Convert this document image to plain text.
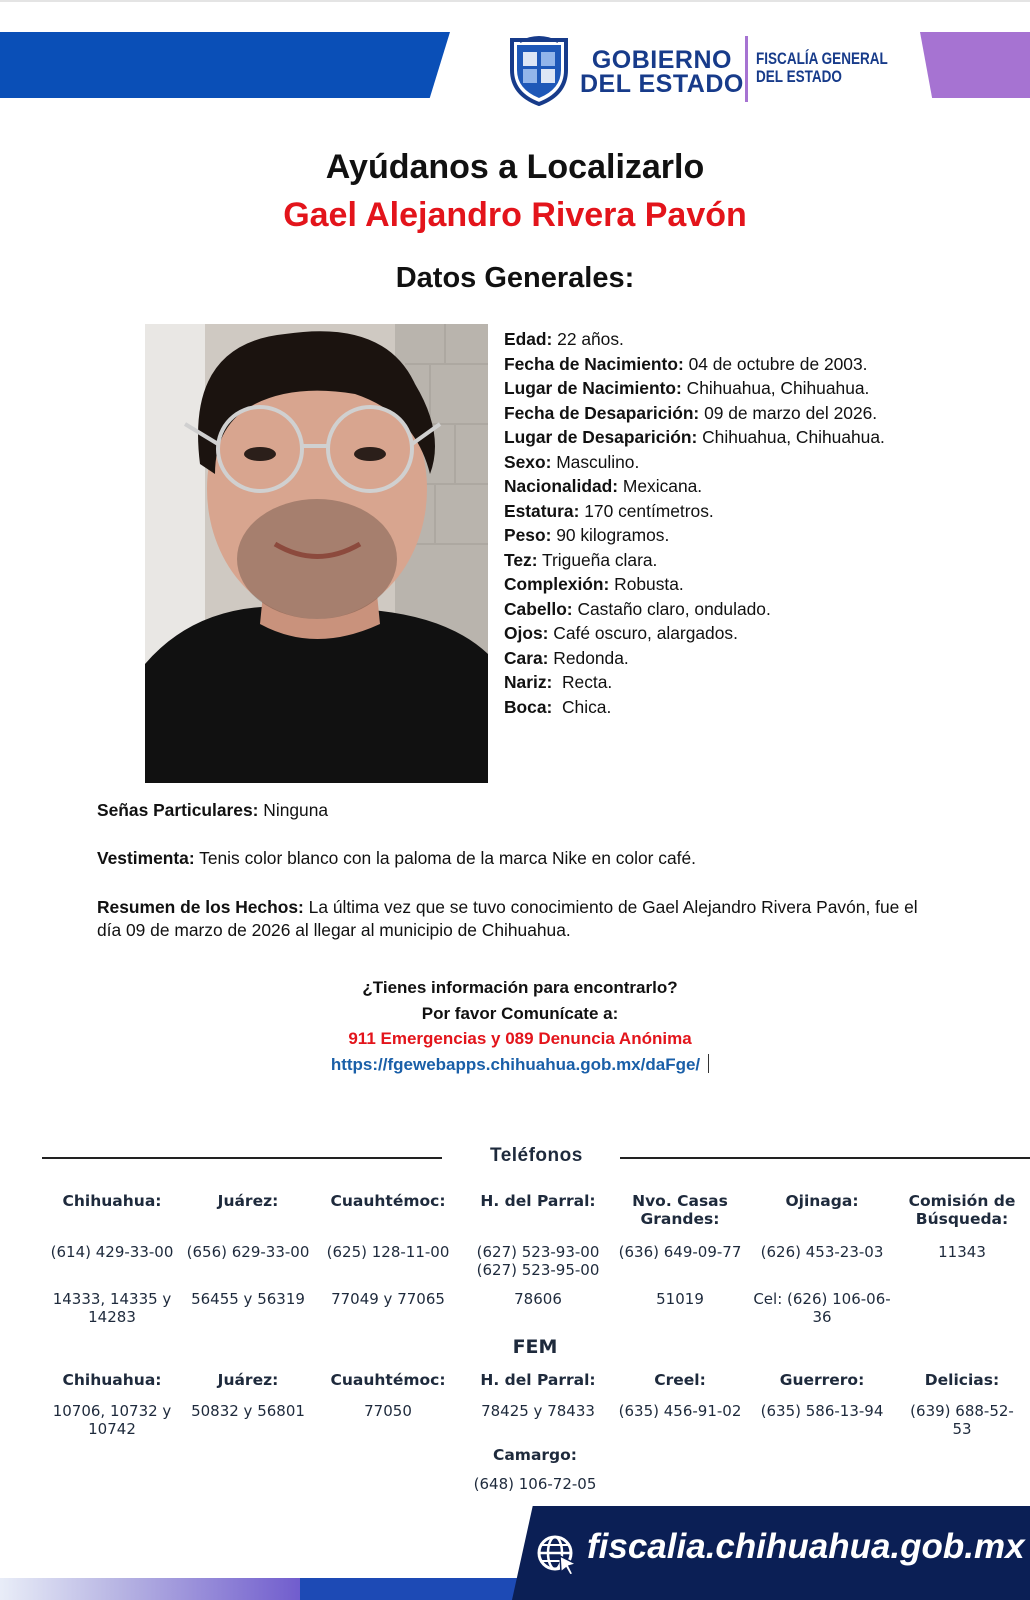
GOBIERNO
DEL ESTADO
FISCALÍA GENERAL
DEL ESTADO
Ayúdanos a Localizarlo
Gael Alejandro Rivera Pavón
Datos Generales:
Edad: 22 años.
Fecha de Nacimiento: 04 de octubre de 2003.
Lugar de Nacimiento: Chihuahua, Chihuahua.
Fecha de Desaparición: 09 de marzo del 2026.
Lugar de Desaparición: Chihuahua, Chihuahua.
Sexo: Masculino.
Nacionalidad: Mexicana.
Estatura: 170 centímetros.
Peso: 90 kilogramos.
Tez: Trigueña clara.
Complexión: Robusta.
Cabello: Castaño claro, ondulado.
Ojos: Café oscuro, alargados.
Cara: Redonda.
Nariz:  Recta.
Boca:  Chica.
Señas Particulares: Ninguna
Vestimenta: Tenis color blanco con la paloma de la marca Nike en color café.
Resumen de los Hechos: La última vez que se tuvo conocimiento de Gael Alejandro Rivera Pavón, fue el día 09 de marzo de 2026 al llegar al municipio de Chihuahua.
¿Tienes información para encontrarlo?
Por favor Comunícate a:
911 Emergencias y 089 Denuncia Anónima
https://fgewebapps.chihuahua.gob.mx/daFge/
Teléfonos
Chihuahua:
(614) 429-33-00
14333, 14335 y 14283
Juárez:
(656) 629-33-00
56455 y 56319
Cuauhtémoc:
(625) 128-11-00
77049 y 77065
H. del Parral:
(627) 523-93-00 (627) 523-95-00
78606
Nvo. Casas Grandes:
(636) 649-09-77
51019
Ojinaga:
(626) 453-23-03
Cel: (626) 106-06-36
Comisión de Búsqueda:
11343
FEM
Chihuahua:
10706, 10732 y 10742
Juárez:
50832 y 56801
Cuauhtémoc:
77050
H. del Parral:
78425 y 78433
Creel:
(635) 456-91-02
Guerrero:
(635) 586-13-94
Delicias:
(639) 688-52-53
Camargo:
(648) 106-72-05
fiscalia.chihuahua.gob.mx
